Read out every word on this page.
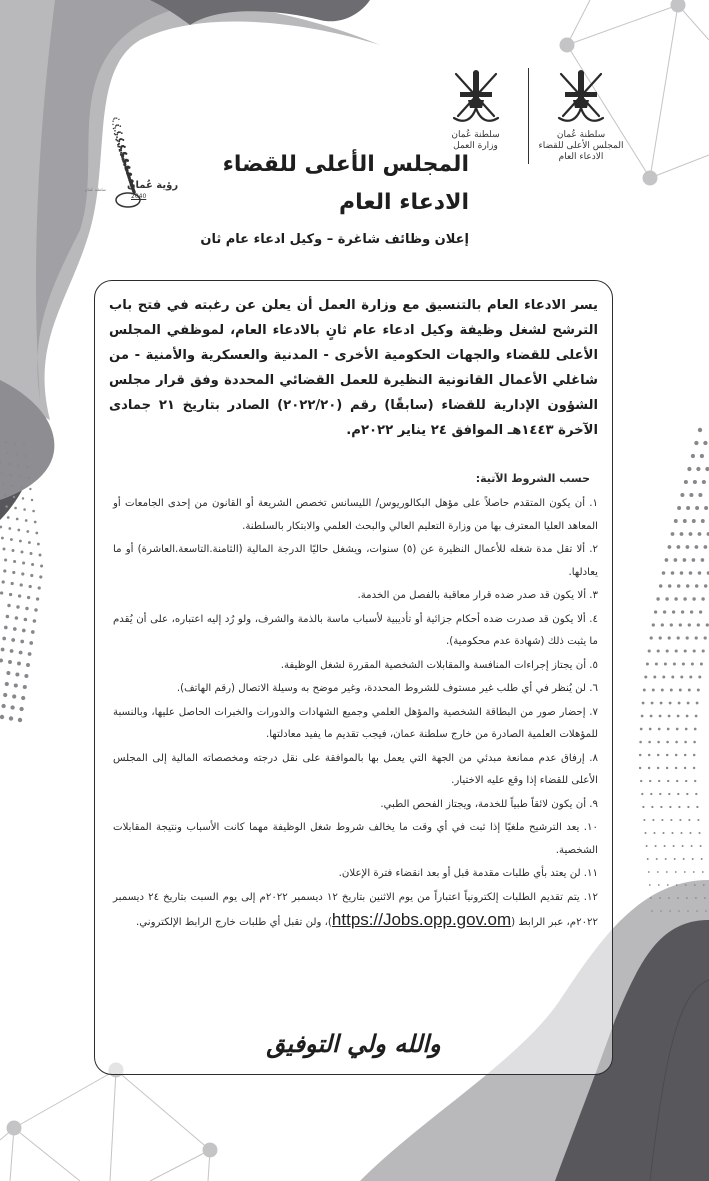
رؤية عُمان
2040
سلطنة عُمان
سلطنة عُمان
المجلس الأعلى للقضاء
الادعاء العام
سلطنة عُمان
وزارة العمل
المجلس الأعلى للقضاء
الادعاء العام
إعلان وظائف شاغرة – وكيل ادعاء عام ثان
يسر الادعاء العام بالتنسيق مع وزارة العمل أن يعلن عن رغبته في فتح باب الترشح لشغل وظيفة وكيل ادعاء عام ثانٍ بالادعاء العام، لموظفي المجلس الأعلى للقضاء والجهات الحكومية الأخرى - المدنية والعسكرية والأمنية - من شاغلي الأعمال القانونية النظيرة للعمل القضائي المحددة وفق قرار مجلس الشؤون الإدارية للقضاء (سابقًا) رقم (٢٠٢٢/٢٠) الصادر بتاريخ ٢١ جمادى الآخرة ١٤٤٣هـ الموافق ٢٤ يناير ٢٠٢٢م.
حسب الشروط الآتية:

١. أن يكون المتقدم حاصلاً على مؤهل البكالوريوس/ الليسانس تخصص الشريعة أو القانون من إحدى الجامعات أو المعاهد العليا المعترف بها من وزارة التعليم العالي والبحث العلمي والابتكار بالسلطنة.

٢. ألا تقل مدة شغله للأعمال النظيرة عن (٥) سنوات، ويشغل حاليًا الدرجة المالية (الثامنة.التاسعة.العاشرة) أو ما يعادلها.

٣. ألا يكون قد صدر ضده قرار معاقبة بالفصل من الخدمة.

٤. ألا يكون قد صدرت ضده أحكام جزائية أو تأديبية لأسباب ماسة بالذمة والشرف، ولو رُد إليه اعتباره، على أن يُقدم ما يثبت ذلك (شهادة عدم محكومية).

٥. أن يجتاز إجراءات المنافسة والمقابلات الشخصية المقررة لشغل الوظيفة.

٦. لن يُنظر في أي طلب غير مستوف للشروط المحددة، وغير موضح به وسيلة الاتصال (رقم الهاتف).

٧. إحضار صور من البطاقة الشخصية والمؤهل العلمي وجميع الشهادات والدورات والخبرات الحاصل عليها، وبالنسبة للمؤهلات العلمية الصادرة من خارج سلطنة عمان، فيجب تقديم ما يفيد معادلتها.

٨. إرفاق عدم ممانعة مبدئي من الجهة التي يعمل بها بالموافقة على نقل درجته ومخصصاته المالية إلى المجلس الأعلى للقضاء إذا وقع عليه الاختيار.

٩. أن يكون لائقاً طبياً للخدمة، ويجتاز الفحص الطبي.

١٠. يعد الترشيح ملغيًا إذا ثبت في أي وقت ما يخالف شروط شغل الوظيفة مهما كانت الأسباب ونتيجة المقابلات الشخصية.

١١. لن يعتد بأي طلبات مقدمة قبل أو بعد انقضاء فترة الإعلان.

١٢. يتم تقديم الطلبات إلكترونياً اعتباراً من يوم الاثنين بتاريخ ١٢ ديسمبر ٢٠٢٢م إلى يوم السبت بتاريخ ٢٤ ديسمبر ٢٠٢٢م، عبر الرابط (https://Jobs.opp.gov.om)، ولن تقبل أي طلبات خارج الرابط الإلكتروني.

والله ولي التوفيق
